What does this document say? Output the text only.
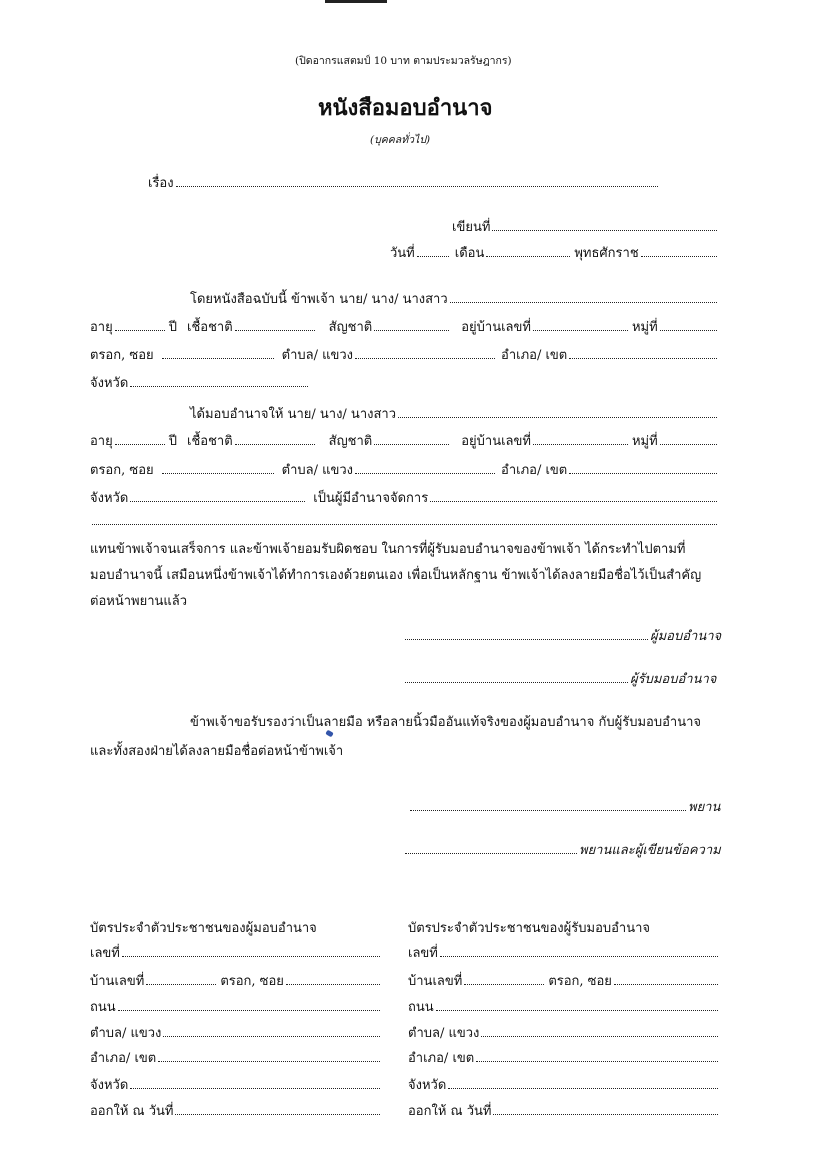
(ปิดอากรแสตมป์ 10 บาท ตามประมวลรัษฎากร)
หนังสือมอบอำนาจ
(บุคคลทั่วไป)
เรื่อง
เขียนที่
วันที่	เดือน	พุทธศักราช
โดยหนังสือฉบับนี้ ข้าพเจ้า นาย/ นาง/ นางสาว
อายุ	ปี เชื้อชาติ	สัญชาติ	อยู่บ้านเลขที่	หมู่ที่
ตรอก, ซอย	ตำบล/ แขวง	อำเภอ/ เขต
จังหวัด
ได้มอบอำนาจให้ นาย/ นาง/ นางสาว
อายุ	ปี เชื้อชาติ	สัญชาติ	อยู่บ้านเลขที่	หมู่ที่
ตรอก, ซอย	ตำบล/ แขวง	อำเภอ/ เขต
จังหวัด	เป็นผู้มีอำนาจจัดการ
แทนข้าพเจ้าจนเสร็จการ และข้าพเจ้ายอมรับผิดชอบ ในการที่ผู้รับมอบอำนาจของข้าพเจ้า ได้กระทำไปตามที่
มอบอำนาจนี้ เสมือนหนึ่งข้าพเจ้าได้ทำการเองด้วยตนเอง เพื่อเป็นหลักฐาน ข้าพเจ้าได้ลงลายมือชื่อไว้เป็นสำคัญ
ต่อหน้าพยานแล้ว
ผู้มอบอำนาจ
ผู้รับมอบอำนาจ
ข้าพเจ้าขอรับรองว่าเป็นลายมือ หรือลายนิ้วมืออันแท้จริงของผู้มอบอำนาจ กับผู้รับมอบอำนาจ
และทั้งสองฝ่ายได้ลงลายมือชื่อต่อหน้าข้าพเจ้า
พยาน
พยานและผู้เขียนข้อความ
บัตรประจำตัวประชาชนของผู้มอบอำนาจ
เลขที่
บ้านเลขที่	ตรอก, ซอย
ถนน
ตำบล/ แขวง
อำเภอ/ เขต
จังหวัด
ออกให้ ณ วันที่
บัตรประจำตัวประชาชนของผู้รับมอบอำนาจ
เลขที่
บ้านเลขที่	ตรอก, ซอย
ถนน
ตำบล/ แขวง
อำเภอ/ เขต
จังหวัด
ออกให้ ณ วันที่
